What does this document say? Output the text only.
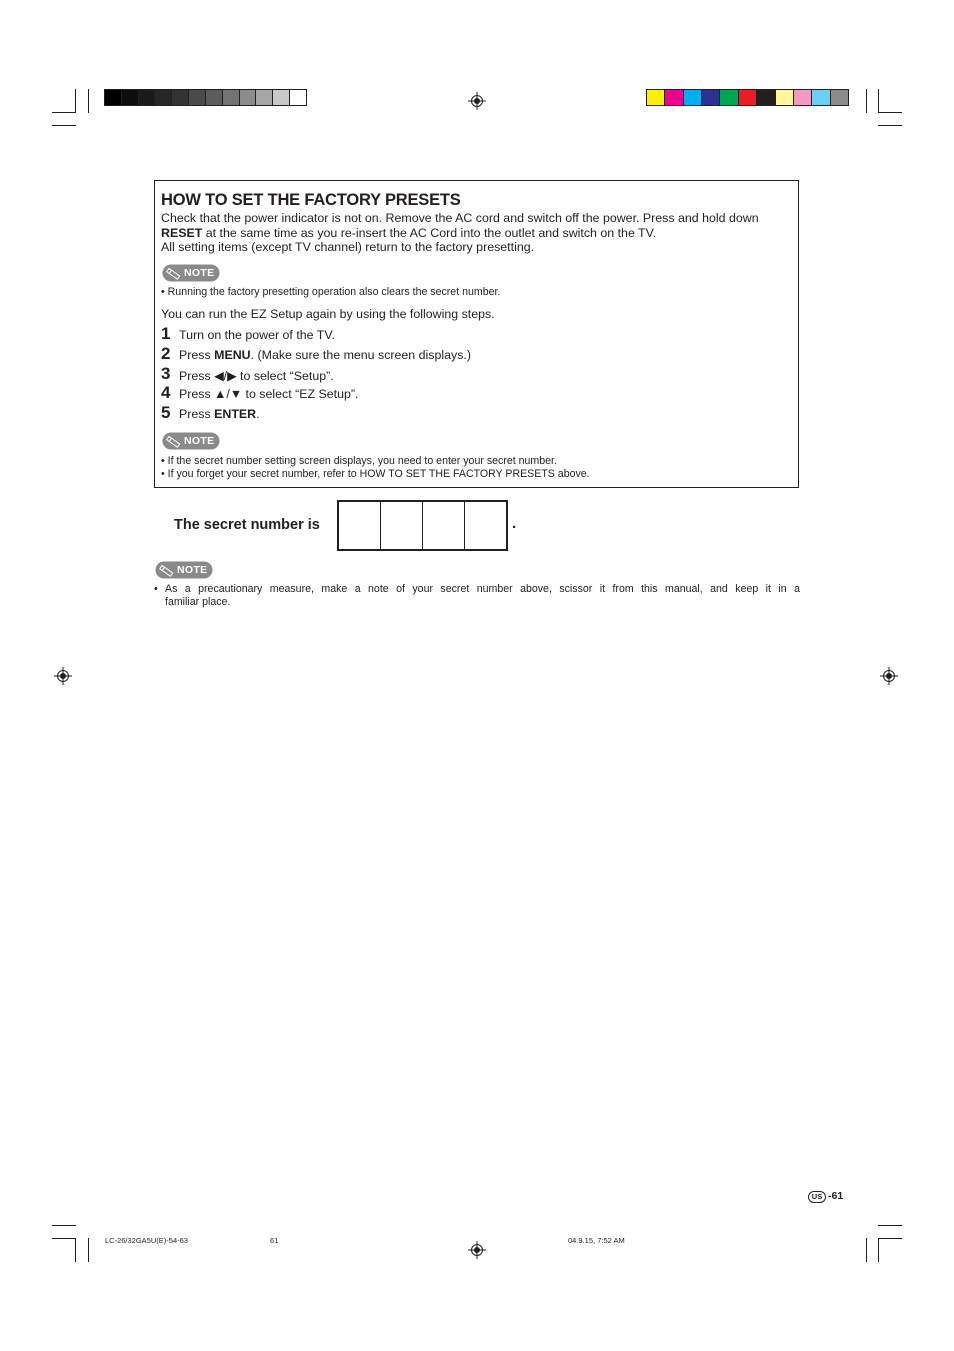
HOW TO SET THE FACTORY PRESETS
Check that the power indicator is not on. Remove the AC cord and switch off the power. Press and hold down
RESET at the same time as you re-insert the AC Cord into the outlet and switch on the TV.
All setting items (except TV channel) return to the factory presetting.
NOTE
• Running the factory presetting operation also clears the secret number.
You can run the EZ Setup again by using the following steps.
1 Turn on the power of the TV.
2 Press MENU. (Make sure the menu screen displays.)
3 Press ◀/▶ to select “Setup”.
4 Press ▲/▼ to select “EZ Setup”.
5 Press ENTER.
NOTE
• If the secret number setting screen displays, you need to enter your secret number.
• If you forget your secret number, refer to HOW TO SET THE FACTORY PRESETS above.
The secret number is	.
NOTE
• As a precautionary measure, make a note of your secret number above, scissor it from this manual, and keep it in a
familiar place.
US -61
LC-26/32GA5U(E)-54-63	61	04.9.15, 7:52 AM
